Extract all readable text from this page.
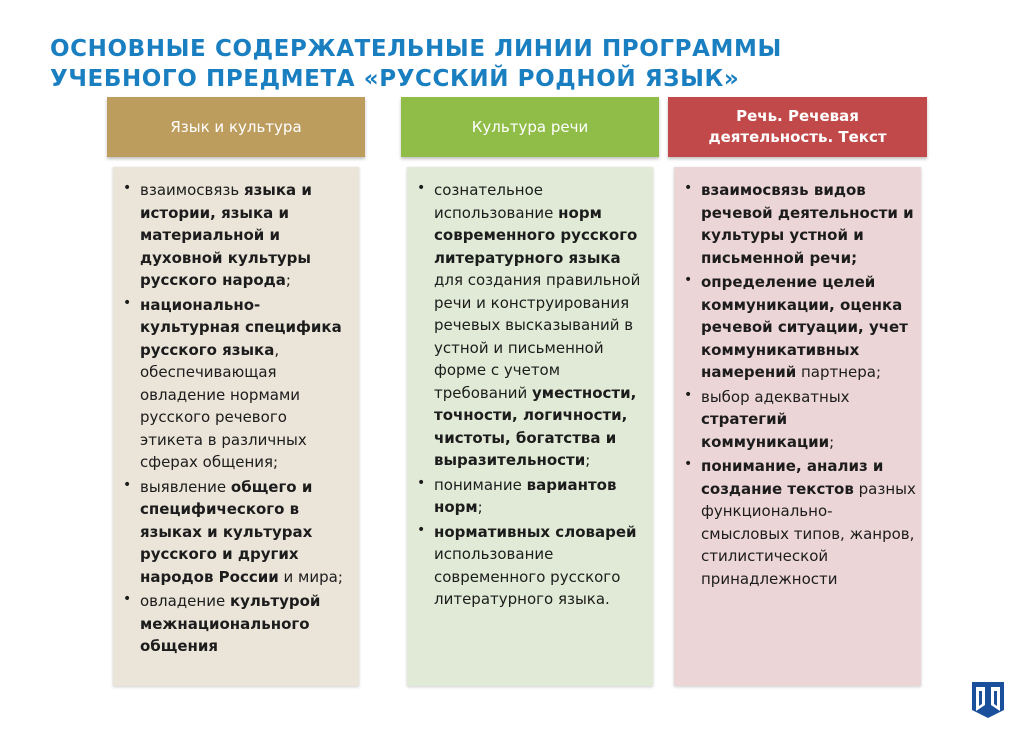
ОСНОВНЫЕ СОДЕРЖАТЕЛЬНЫЕ ЛИНИИ ПРОГРАММЫ
УЧЕБНОГО ПРЕДМЕТА «РУССКИЙ РОДНОЙ ЯЗЫК»
Язык и культура
• взаимосвязь языка и истории, языка и материальной и духовной культуры русского народа;
• национально-культурная специфика русского языка, обеспечивающая овладение нормами русского речевого этикета в различных сферах общения;
• выявление общего и специфического в языках и культурах русского и других народов России и мира;
• овладение культурой межнационального общения
Культура речи
• сознательное использование норм современного русского литературного языка для создания правильной речи и конструирования речевых высказываний в устной и письменной форме с учетом требований уместности, точности, логичности, чистоты, богатства и выразительности;
• понимание вариантов норм;
• нормативных словарей использование современного русского литературного языка.
Речь. Речевая деятельность. Текст
• взаимосвязь видов речевой деятельности и культуры устной и письменной речи;
• определение целей коммуникации, оценка речевой ситуации, учет коммуникативных намерений партнера;
• выбор адекватных стратегий коммуникации;
• понимание, анализ и создание текстов разных функционально-смысловых типов, жанров, стилистической принадлежности
